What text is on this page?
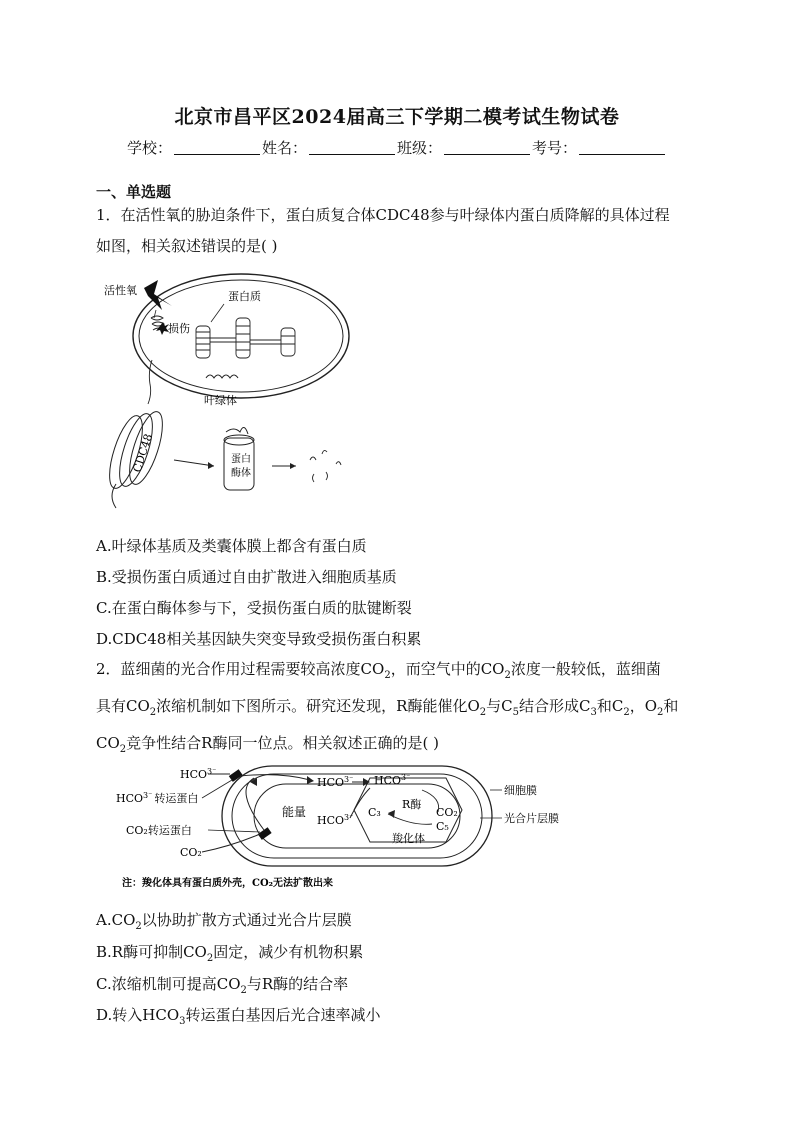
北京市昌平区2024届高三下学期二模考试生物试卷
学校：	姓名：	班级：	考号：
一、单选题
1．在活性氧的胁迫条件下，蛋白质复合体CDC48参与叶绿体内蛋白质降解的具体过程
如图，相关叙述错误的是( )
活性氧
损伤
蛋白质
叶绿体
CDC48	蛋白
酶体
A.叶绿体基质及类囊体膜上都含有蛋白质
B.受损伤蛋白质通过自由扩散进入细胞质基质
C.在蛋白酶体参与下，受损伤蛋白质的肽键断裂
D.CDC48相关基因缺失突变导致受损伤蛋白积累
2．蓝细菌的光合作用过程需要较高浓度$CO_2$，而空气中的$CO_2$浓度一般较低，蓝细菌
具有$CO_2$浓缩机制如下图所示。研究还发现，R酶能催化$O_2$与$C_5$结合形成$C_3$和$C_2$，$O_2$和
$CO_2$竞争性结合R酶同一位点。相关叙述正确的是( )
$HCO^{3^-}$
$HCO^{3^-}$ 转运蛋白
CO₂转运蛋白
CO₂
能量
$HCO^{3^-}$
$HCO^{3^-}$
$HCO^{3^-}$
R酶
C₃	CO₂
C₅
羧化体
细胞膜
光合片层膜
注：羧化体具有蛋白质外壳，CO₂无法扩散出来
$A.CO_2$以协助扩散方式通过光合片层膜
B.R酶可抑制$CO_2$固定，减少有机物积累
C.浓缩机制可提高$CO_2$与R酶的结合率
D.转入$HCO_3$转运蛋白基因后光合速率减小
